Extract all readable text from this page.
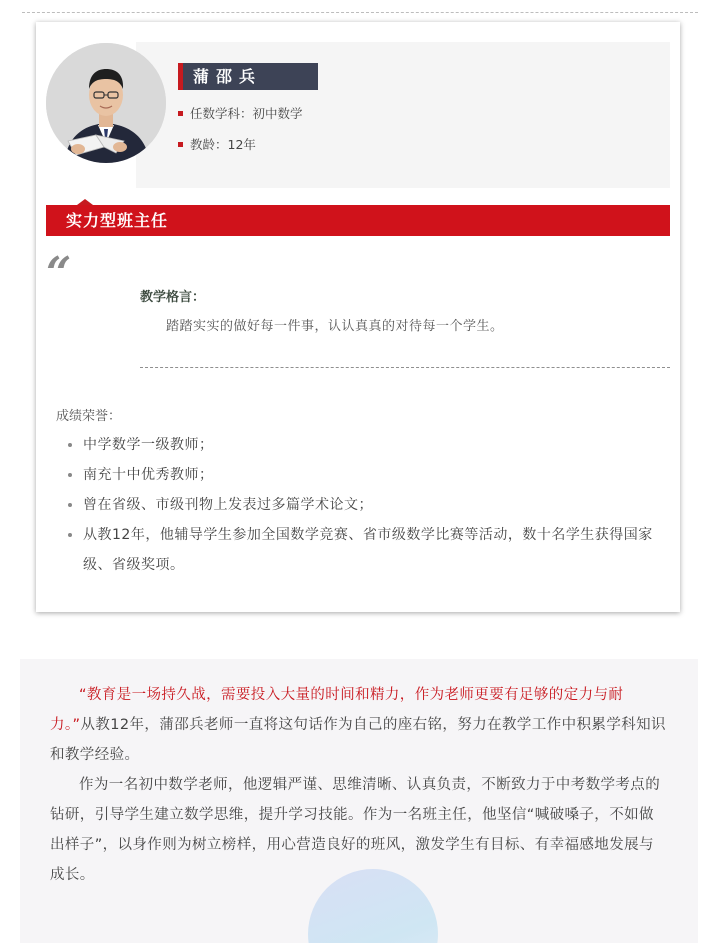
蒲邵兵
任数学科：初中数学
教龄：12年
实力型班主任
“	教学格言：
踏踏实实的做好每一件事，认认真真的对待每一个学生。
成绩荣誉：
中学数学一级教师；
南充十中优秀教师；
曾在省级、市级刊物上发表过多篇学术论文；
从教12年，他辅导学生参加全国数学竞赛、省市级数学比赛等活动，数十名学生获得国家级、省级奖项。

“教育是一场持久战，需要投入大量的时间和精力，作为老师更要有足够的定力与耐力。”从教12年，蒲邵兵老师一直将这句话作为自己的座右铭，努力在教学工作中积累学科知识和教学经验。

作为一名初中数学老师，他逻辑严谨、思维清晰、认真负责，不断致力于中考数学考点的钻研，引导学生建立数学思维，提升学习技能。作为一名班主任，他坚信“喊破嗓子，不如做出样子”，以身作则为树立榜样，用心营造良好的班风，激发学生有目标、有幸福感地发展与成长。
